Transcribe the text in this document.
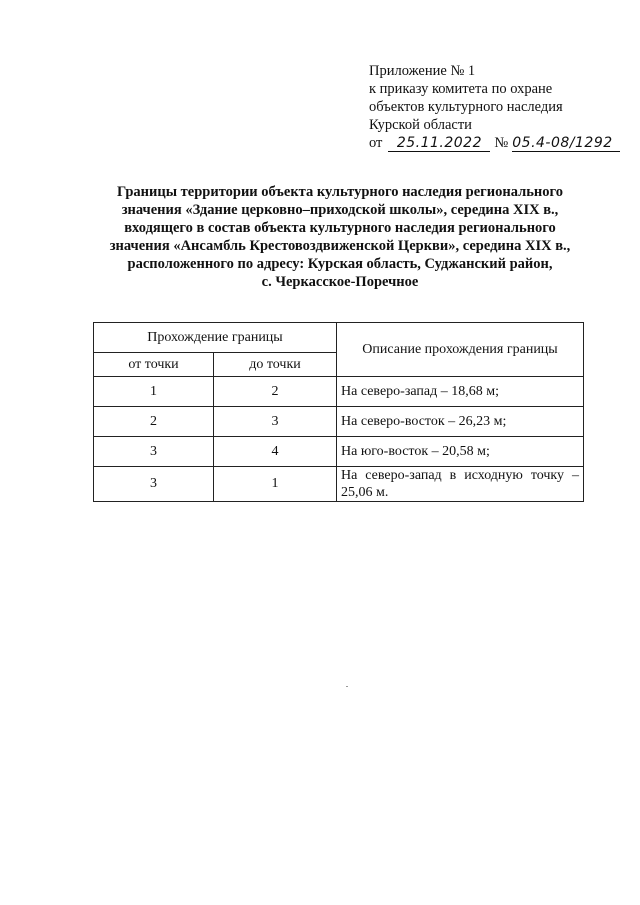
Приложение № 1
к приказу комитета по охране
объектов культурного наследия
Курской области
от	25.11.2022 № 05.4-08/1292
Границы территории объекта культурного наследия регионального
значения «Здание церковно–приходской школы», середина XIX в.,
входящего в состав объекта культурного наследия регионального
значения «Ансамбль Крестовоздвиженской Церкви», середина XIX в.,
расположенного по адресу: Курская область, Суджанский район,
с. Черкасское-Поречное
Прохождение границы		Описание прохождения границы
от точки	до точки	
1	2	На северо-запад – 18,68 м;
2	3	На северо-восток – 26,23 м;
3	4	На юго-восток – 20,58 м;
3	1	На северо-запад в исходную точку – 25,06 м.
